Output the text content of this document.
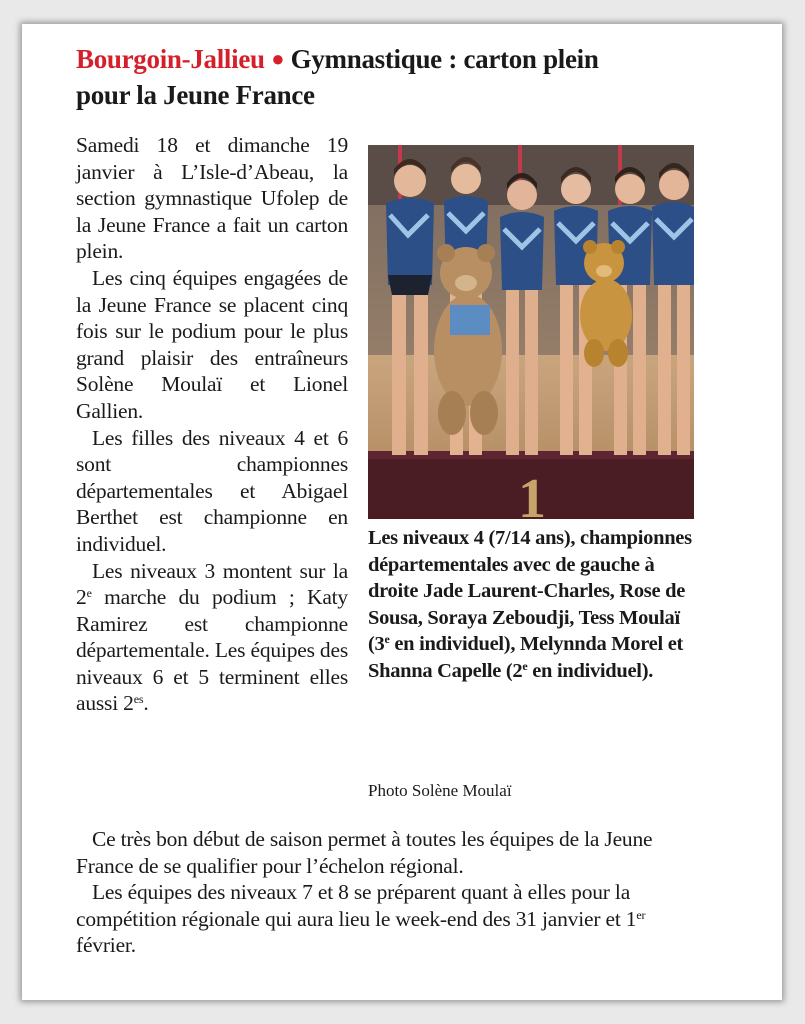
Bourgoin-Jallieu ● Gymnastique : carton plein
pour la Jeune France

Samedi 18 et dimanche 19 janvier à L’Isle-d’Abeau, la section gymnastique Ufolep de la Jeune France a fait un carton plein.

Les cinq équipes engagées de la Jeune France se placent cinq fois sur le podium pour le plus grand plaisir des entraîneurs Solène Moulaï et Lionel Gallien.

Les filles des niveaux 4 et 6 sont championnes départementales et Abigael Berthet est championne en individuel.

Les niveaux 3 montent sur la 2e marche du podium ; Katy Ramirez est championne départementale. Les équipes des niveaux 6 et 5 terminent elles aussi $2^{es}$.

1
Les niveaux 4 (7/14 ans), championnes départementales avec de gauche à droite Jade Laurent-Charles, Rose de Sousa, Soraya Zeboudji, Tess Moulaï (3e en individuel), Melynnda Morel et Shanna Capelle (2e en individuel).
Photo Solène Moulaï

Ce très bon début de saison permet à toutes les équipes de la Jeune France de se qualifier pour l’échelon régional.

Les équipes des niveaux 7 et 8 se préparent quant à elles pour la compétition régionale qui aura lieu le week-end des 31 janvier et 1er février.
